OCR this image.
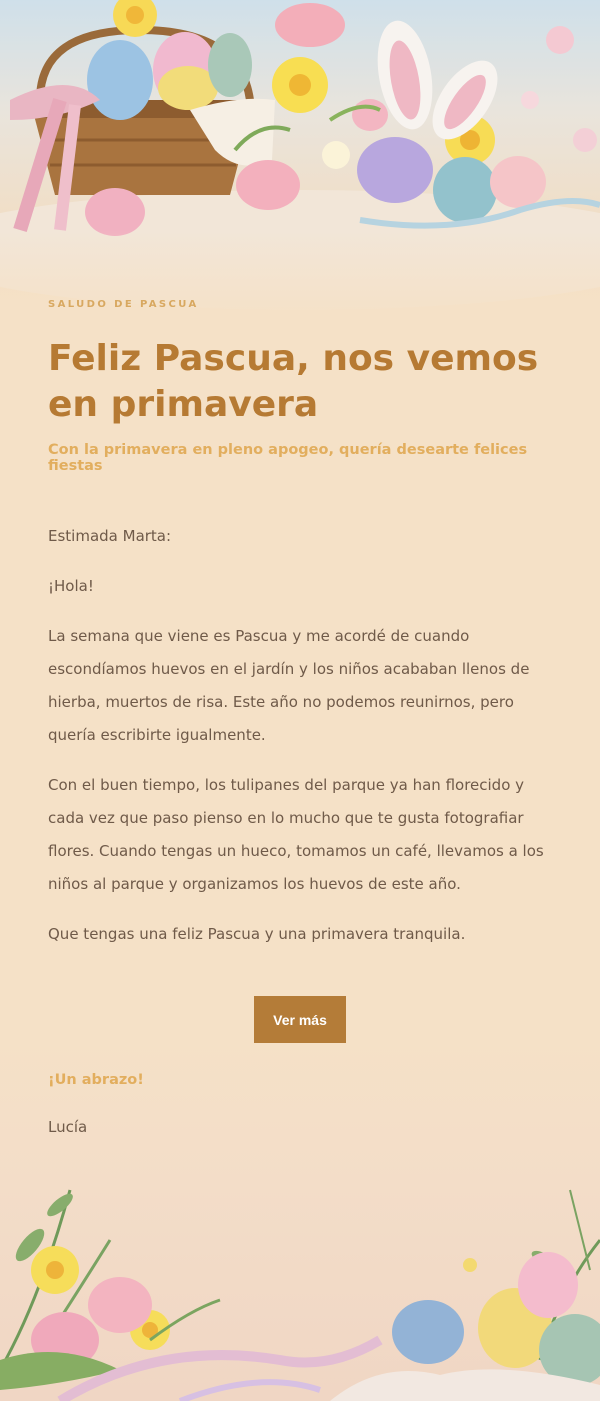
SALUDO DE PASCUA
Feliz Pascua, nos vemos en primavera
Con la primavera en pleno apogeo, quería desearte felices fiestas

Estimada Marta:

¡Hola!

La semana que viene es Pascua y me acordé de cuando escondíamos huevos en el jardín y los niños acababan llenos de hierba, muertos de risa. Este año no podemos reunirnos, pero quería escribirte igualmente.

Con el buen tiempo, los tulipanes del parque ya han florecido y cada vez que paso pienso en lo mucho que te gusta fotografiar flores. Cuando tengas un hueco, tomamos un café, llevamos a los niños al parque y organizamos los huevos de este año.

Que tengas una feliz Pascua y una primavera tranquila.

Ver más
¡Un abrazo!
Lucía
